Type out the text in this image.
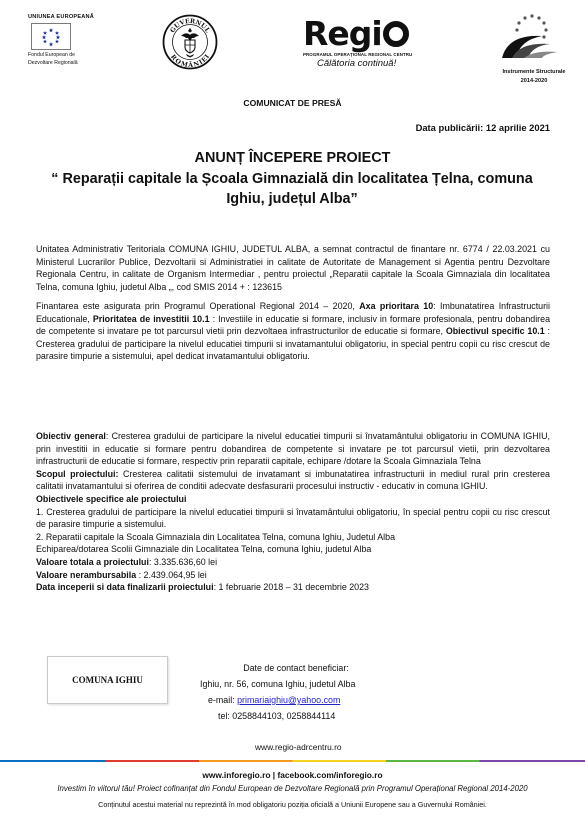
UNIUNEA EUROPEANĂ
Fondul European de
Dezvoltare Regională
GUVERNUL
ROMÂNIEI
Regi
PROGRAMUL OPERAȚIONAL REGIONAL CENTRU
Călătoria continuă!
Instrumente Structurale
2014-2020
COMUNICAT DE PRESĂ
Data publicării: 12 aprilie 2021
ANUNȚ ÎNCEPERE PROIECT
“ Reparații capitale la Școala Gimnazială din localitatea Țelna, comuna Ighiu, județul Alba”
Unitatea Administrativ Teritoriala COMUNA IGHIU, JUDETUL ALBA, a semnat contractul de finantare nr. 6774 / 22.03.2021 cu Ministerul Lucrarilor Publice, Dezvoltarii si Administratiei in calitate de Autoritate de Management si Agentia pentru Dezvoltare Regionala Centru, in calitate de Organism Intermediar , pentru proiectul „Reparatii capitale la Scoala Gimnaziala din localitatea Telna, comuna Ighiu, judetul Alba „, cod SMIS 2014 + : 123615
Finantarea este asigurata prin Programul Operational Regional 2014 – 2020, Axa prioritara 10: Imbunatatirea Infrastructurii Educationale, Prioritatea de investitii 10.1 : Investiile in educatie si formare, inclusiv in formare profesionala, pentru dobandirea de competente si invatare pe tot parcursul vietii prin dezvoltaea infrastructurilor de educatie si formare, Obiectivul specific 10.1 : Cresterea gradului de participare la nivelul educatiei timpurii si invatamantului obligatoriu, in special pentru copii cu risc crescut de parasire timpurie a sistemului, apel dedicat invatamantului obligatoriu.
Obiectiv general: Cresterea gradului de participare la nivelul educatiei timpurii si învatamântului obligatoriu in COMUNA IGHIU, prin investitii in educatie si formare pentru dobandirea de competente si invatare pe tot parcursul vietii, prin dezvoltarea infrastructurii de educatie si formare, respectiv prin reparatii capitale, echipare /dotare la Scoala Gimnaziala Telna
Scopul proiectului: Cresterea calitatii sistemului de invatamant si imbunatatirea infrastructurii in mediul rural prin cresterea calitatii invatamantului si oferirea de conditii adecvate desfasurarii procesului instructiv - educativ in comuna IGHIU.
Obiectivele specifice ale proiectului
1. Cresterea gradului de participare la nivelul educatiei timpurii si învatamântului obligatoriu, în special pentru copii cu risc crescut de parasire timpurie a sistemului.
2. Reparatii capitale la Scoala Gimnaziala din Localitatea Telna, comuna Ighiu, Judetul Alba
Echiparea/dotarea Scolii Gimnaziale din Localitatea Telna, comuna Ighiu, judetul Alba
Valoare totala a proiectului: 3.335.636,60 lei
Valoare nerambursabila : 2.439.064,95 lei
Data inceperii si data finalizarii proiectului: 1 februarie 2018 – 31 decembrie 2023
COMUNA IGHIU
Date de contact beneficiar:
Ighiu, nr. 56, comuna Ighiu, judetul Alba
e-mail: primariaighiu@yahoo.com
tel: 0258844103, 0258844114
www.regio-adrcentru.ro
www.inforegio.ro | facebook.com/inforegio.ro
Investim în viitorul tău! Proiect cofinanțat din Fondul European de Dezvoltare Regională prin Programul Operațional Regional 2014-2020
Conținutul acestui material nu reprezintă în mod obligatoriu poziția oficială a Uniunii Europene sau a Guvernului României.
